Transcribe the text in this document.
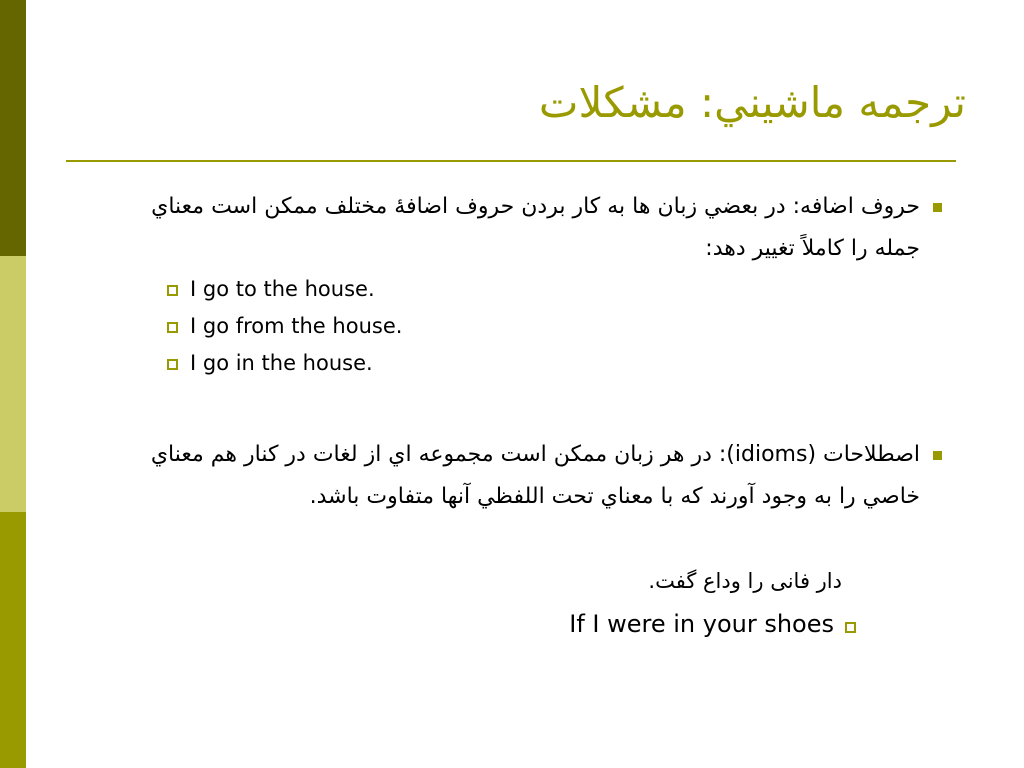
ترجمه ماشيني: مشكلات
حروف اضافه: در بعضي زبان ها به كار بردن حروف اضافۀ مختلف ممكن است معناي جمله را كاملاً تغيير دهد:
I go to the house.
I go from the house.
I go in the house.
اصطلاحات (idioms): در هر زبان ممكن است مجموعه اي از لغات در كنار هم معناي خاصي را به وجود آورند كه با معناي تحت اللفظي آنها متفاوت باشد.
دار فانی را وداع گفت.
If I were in your shoes
